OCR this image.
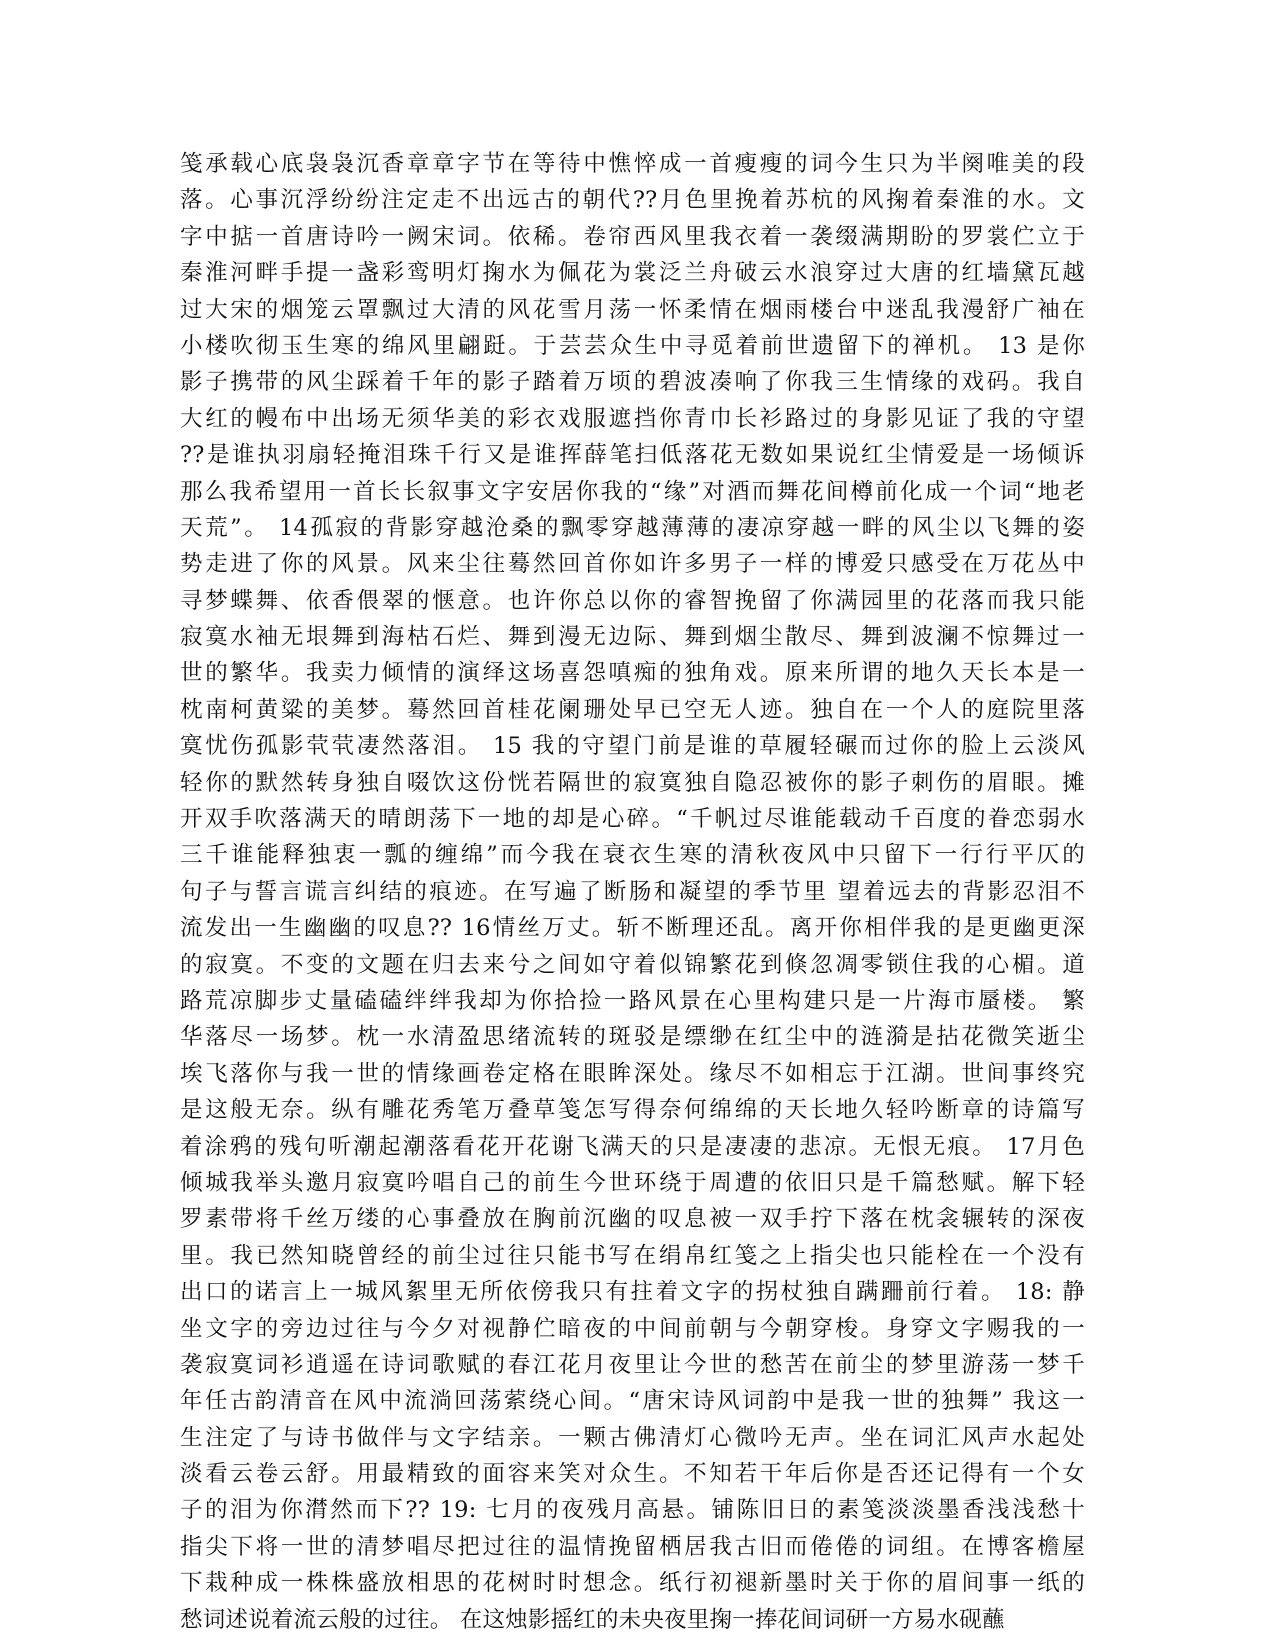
笺承载心底袅袅沉香章章字节在等待中憔悴成一首瘦瘦的词今生只为半阕唯美的段
落。心事沉浮纷纷注定走不出远古的朝代??月色里挽着苏杭的风掬着秦淮的水。文
字中掂一首唐诗吟一阙宋词。依稀。卷帘西风里我衣着一袭缀满期盼的罗裳伫立于
秦淮河畔手提一盏彩鸾明灯掬水为佩花为裳泛兰舟破云水浪穿过大唐的红墙黛瓦越
过大宋的烟笼云罩飘过大清的风花雪月荡一怀柔情在烟雨楼台中迷乱我漫舒广袖在
小楼吹彻玉生寒的绵风里翩跹。于芸芸众生中寻觅着前世遗留下的禅机。 13 是你
影子携带的风尘踩着千年的影子踏着万顷的碧波凑响了你我三生情缘的戏码。我自
大红的幔布中出场无须华美的彩衣戏服遮挡你青巾长衫路过的身影见证了我的守望
??是谁执羽扇轻掩泪珠千行又是谁挥薛笔扫低落花无数如果说红尘情爱是一场倾诉
那么我希望用一首长长叙事文字安居你我的“缘”对酒而舞花间樽前化成一个词“地老
天荒”。 14孤寂的背影穿越沧桑的飘零穿越薄薄的凄凉穿越一畔的风尘以飞舞的姿
势走进了你的风景。风来尘往蓦然回首你如许多男子一样的博爱只感受在万花丛中
寻梦蝶舞、依香偎翠的惬意。也许你总以你的睿智挽留了你满园里的花落而我只能
寂寞水袖无垠舞到海枯石烂、舞到漫无边际、舞到烟尘散尽、舞到波澜不惊舞过一
世的繁华。我卖力倾情的演绎这场喜怨嗔痴的独角戏。原来所谓的地久天长本是一
枕南柯黄粱的美梦。蓦然回首桂花阑珊处早已空无人迹。独自在一个人的庭院里落
寞忧伤孤影茕茕凄然落泪。 15 我的守望门前是谁的草履轻碾而过你的脸上云淡风
轻你的默然转身独自啜饮这份恍若隔世的寂寞独自隐忍被你的影子刺伤的眉眼。摊
开双手吹落满天的晴朗荡下一地的却是心碎。“千帆过尽谁能载动千百度的眷恋弱水
三千谁能释独衷一瓢的缠绵”而今我在衰衣生寒的清秋夜风中只留下一行行平仄的
句子与誓言谎言纠结的痕迹。在写遍了断肠和凝望的季节里 望着远去的背影忍泪不
流发出一生幽幽的叹息?? 16情丝万丈。斩不断理还乱。离开你相伴我的是更幽更深
的寂寞。不变的文题在归去来兮之间如守着似锦繁花到倏忽凋零锁住我的心楣。道
路荒凉脚步丈量磕磕绊绊我却为你拾捡一路风景在心里构建只是一片海市蜃楼。 繁
华落尽一场梦。枕一水清盈思绪流转的斑驳是缥缈在红尘中的涟漪是拈花微笑逝尘
埃飞落你与我一世的情缘画卷定格在眼眸深处。缘尽不如相忘于江湖。世间事终究
是这般无奈。纵有雕花秀笔万叠草笺怎写得奈何绵绵的天长地久轻吟断章的诗篇写
着涂鸦的残句听潮起潮落看花开花谢飞满天的只是凄凄的悲凉。无恨无痕。 17月色
倾城我举头邀月寂寞吟唱自己的前生今世环绕于周遭的依旧只是千篇愁赋。解下轻
罗素带将千丝万缕的心事叠放在胸前沉幽的叹息被一双手拧下落在枕衾辗转的深夜
里。我已然知晓曾经的前尘过往只能书写在绢帛红笺之上指尖也只能栓在一个没有
出口的诺言上一城风絮里无所依傍我只有拄着文字的拐杖独自蹒跚前行着。 18: 静
坐文字的旁边过往与今夕对视静伫暗夜的中间前朝与今朝穿梭。身穿文字赐我的一
袭寂寞词衫逍遥在诗词歌赋的春江花月夜里让今世的愁苦在前尘的梦里游荡一梦千
年任古韵清音在风中流淌回荡萦绕心间。“唐宋诗风词韵中是我一世的独舞” 我这一
生注定了与诗书做伴与文字结亲。一颗古佛清灯心微吟无声。坐在词汇风声水起处
淡看云卷云舒。用最精致的面容来笑对众生。不知若干年后你是否还记得有一个女
子的泪为你潸然而下?? 19: 七月的夜残月高悬。铺陈旧日的素笺淡淡墨香浅浅愁十
指尖下将一世的清梦唱尽把过往的温情挽留栖居我古旧而倦倦的词组。在博客檐屋
下栽种成一株株盛放相思的花树时时想念。纸行初褪新墨时关于你的眉间事一纸的
愁词述说着流云般的过往。 在这烛影摇红的未央夜里掬一捧花间词研一方易水砚蘸
